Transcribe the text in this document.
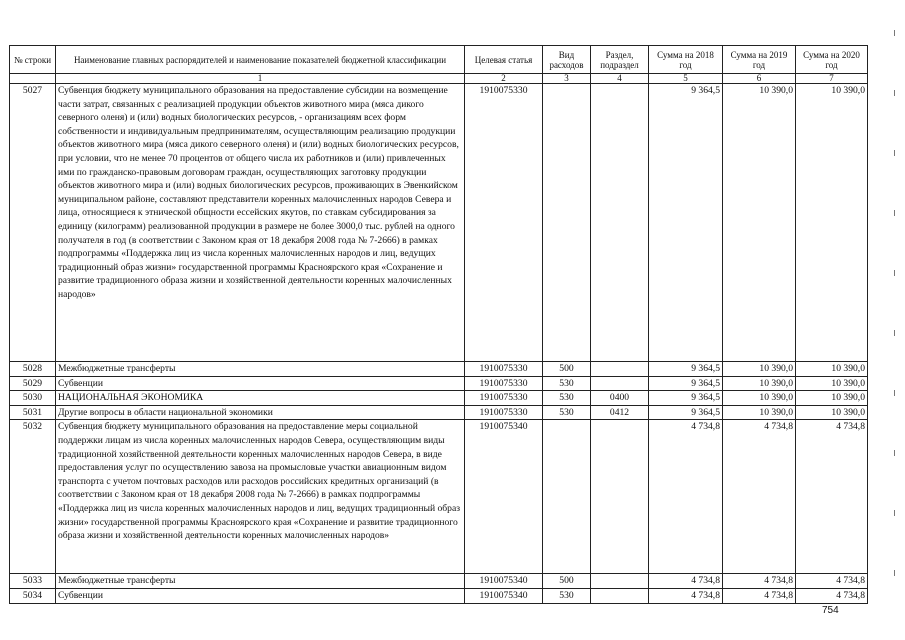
№ строки	Наименование главных распорядителей и наименование показателей бюджетной классификации	Целевая статья	Вид расходов	Раздел, подраздел	Сумма на 2018 год	Сумма на 2019 год	Сумма на 2020 год
	1	2	3	4	5	6	7
5027	Субвенция бюджету муниципального образования на предоставление субсидии на возмещение части затрат, связанных с реализацией продукции объектов животного мира (мяса дикого северного оленя) и (или) водных биологических ресурсов, - организациям всех форм собственности и индивидуальным предпринимателям, осуществляющим реализацию продукции объектов животного мира (мяса дикого северного оленя) и (или) водных биологических ресурсов, при условии, что не менее 70 процентов от общего числа их работников и (или) привлеченных ими по гражданско-правовым договорам граждан, осуществляющих заготовку продукции объектов животного мира и (или) водных биологических ресурсов, проживающих в Эвенкийском муниципальном районе, составляют представители коренных малочисленных народов Севера и лица, относящиеся к этнической общности ессейских якутов, по ставкам субсидирования за единицу (килограмм) реализованной продукции в размере не более 3000,0 тыс. рублей на одного получателя в год (в соответствии с Законом края от 18 декабря 2008 года № 7-2666) в рамках подпрограммы «Поддержка лиц из числа коренных малочисленных народов и лиц, ведущих традиционный образ жизни» государственной программы Красноярского края «Сохранение и развитие традиционного образа жизни и хозяйственной деятельности коренных малочисленных народов»	1910075330			9 364,5	10 390,0	10 390,0
5028	Межбюджетные трансферты	1910075330	500		9 364,5	10 390,0	10 390,0
5029	Субвенции	1910075330	530		9 364,5	10 390,0	10 390,0
5030	НАЦИОНАЛЬНАЯ ЭКОНОМИКА	1910075330	530	0400	9 364,5	10 390,0	10 390,0
5031	Другие вопросы в области национальной экономики	1910075330	530	0412	9 364,5	10 390,0	10 390,0
5032	Субвенция бюджету муниципального образования на предоставление меры социальной поддержки лицам из числа коренных малочисленных народов Севера, осуществляющим виды традиционной хозяйственной деятельности коренных малочисленных народов Севера, в виде предоставления услуг по осуществлению завоза на промысловые участки авиационным видом транспорта с учетом почтовых расходов или расходов российских кредитных организаций (в соответствии с Законом края от 18 декабря 2008 года № 7-2666) в рамках подпрограммы «Поддержка лиц из числа коренных малочисленных народов и лиц, ведущих традиционный образ жизни» государственной программы Красноярского края «Сохранение и развитие традиционного образа жизни и хозяйственной деятельности коренных малочисленных народов»	1910075340			4 734,8	4 734,8	4 734,8
5033	Межбюджетные трансферты	1910075340	500		4 734,8	4 734,8	4 734,8
5034	Субвенции	1910075340	530		4 734,8	4 734,8	4 734,8
754
